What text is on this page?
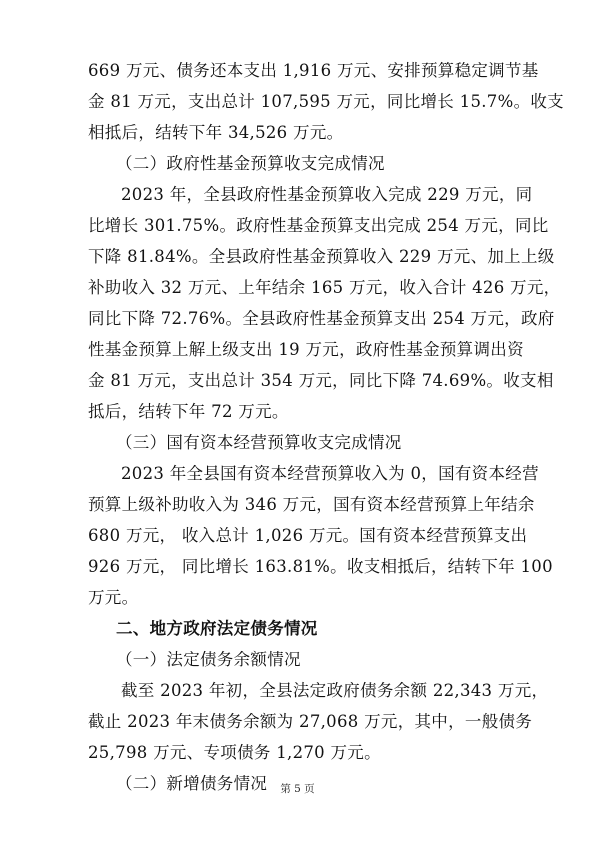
669 万元、债务还本支出 1,916 万元、安排预算稳定调节基
金 81 万元，支出总计 107,595 万元，同比增长 15.7%。收支
相抵后，结转下年 34,526 万元。
（二）政府性基金预算收支完成情况
2023 年，全县政府性基金预算收入完成 229 万元，同
比增长 301.75%。政府性基金预算支出完成 254 万元，同比
下降 81.84%。全县政府性基金预算收入 229 万元、加上上级
补助收入 32 万元、上年结余 165 万元，收入合计 426 万元，
同比下降 72.76%。全县政府性基金预算支出 254 万元，政府
性基金预算上解上级支出 19 万元，政府性基金预算调出资
金 81 万元，支出总计 354 万元，同比下降 74.69%。收支相
抵后，结转下年 72 万元。
（三）国有资本经营预算收支完成情况
2023 年全县国有资本经营预算收入为 0，国有资本经营
预算上级补助收入为 346 万元，国有资本经营预算上年结余
680 万元， 收入总计 1,026 万元。国有资本经营预算支出
926 万元， 同比增长 163.81%。收支相抵后，结转下年 100
万元。
二、地方政府法定债务情况
（一）法定债务余额情况
截至 2023 年初，全县法定政府债务余额 22,343 万元，
截止 2023 年末债务余额为 27,068 万元，其中，一般债务
25,798 万元、专项债务 1,270 万元。
（二）新增债务情况	第 5 页
